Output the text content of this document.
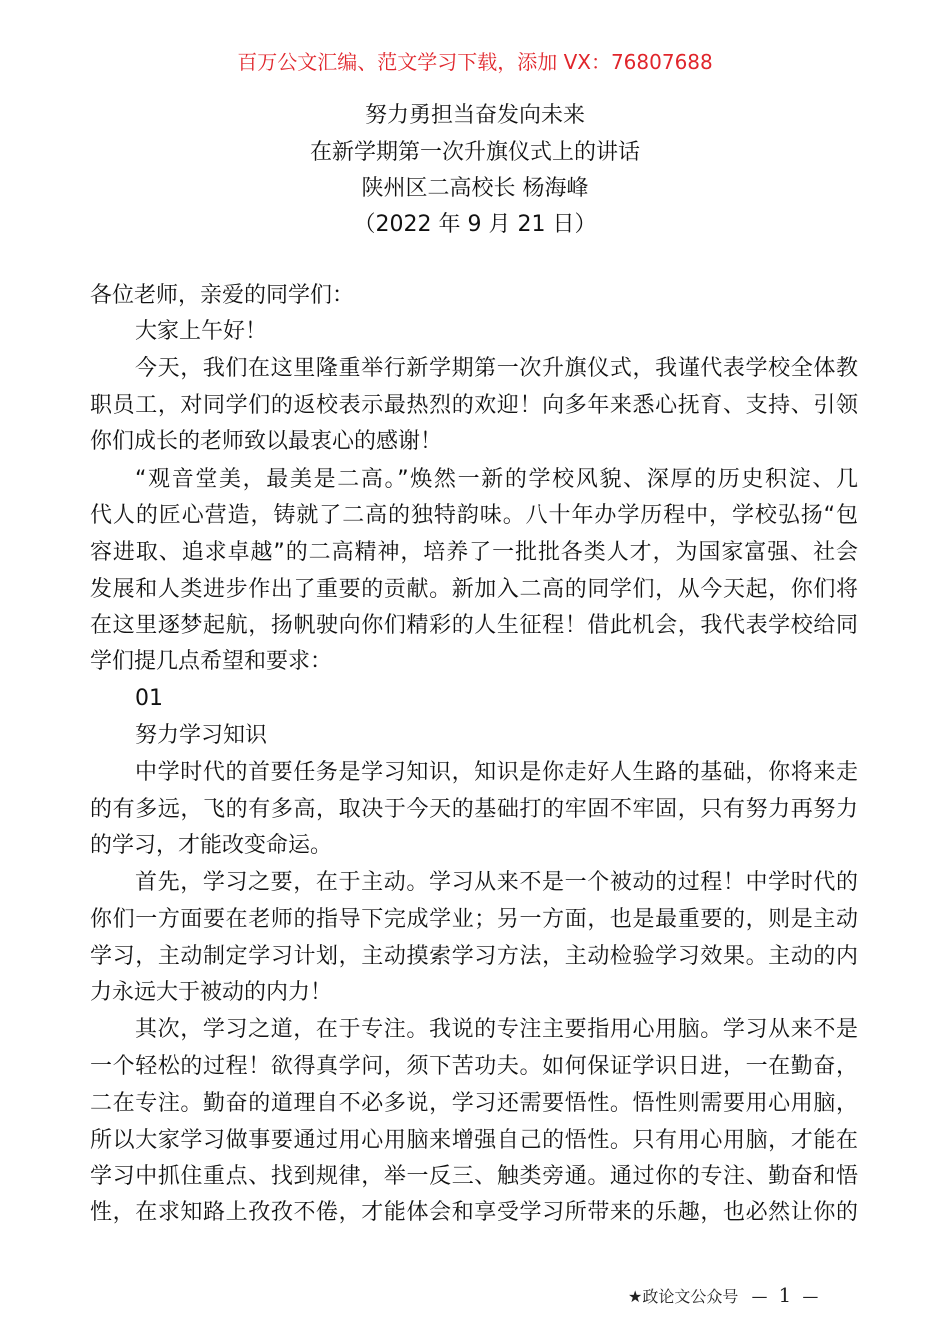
百万公文汇编、范文学习下载，添加 VX：76807688
努力勇担当奋发向未来
在新学期第一次升旗仪式上的讲话
陕州区二高校长 杨海峰
（2022 年 9 月 21 日）
各位老师，亲爱的同学们：
大家上午好！
今天，我们在这里隆重举行新学期第一次升旗仪式，我谨代表学校全体教
职员工，对同学们的返校表示最热烈的欢迎！向多年来悉心抚育、支持、引领
你们成长的老师致以最衷心的感谢！
“观音堂美，最美是二高。”焕然一新的学校风貌、深厚的历史积淀、几
代人的匠心营造，铸就了二高的独特韵味。八十年办学历程中，学校弘扬“包
容进取、追求卓越”的二高精神，培养了一批批各类人才，为国家富强、社会
发展和人类进步作出了重要的贡献。新加入二高的同学们，从今天起，你们将
在这里逐梦起航，扬帆驶向你们精彩的人生征程！借此机会，我代表学校给同
学们提几点希望和要求：
01
努力学习知识
中学时代的首要任务是学习知识，知识是你走好人生路的基础，你将来走
的有多远，飞的有多高，取决于今天的基础打的牢固不牢固，只有努力再努力
的学习，才能改变命运。
首先，学习之要，在于主动。学习从来不是一个被动的过程！中学时代的
你们一方面要在老师的指导下完成学业；另一方面，也是最重要的，则是主动
学习，主动制定学习计划，主动摸索学习方法，主动检验学习效果。主动的内
力永远大于被动的内力！
其次，学习之道，在于专注。我说的专注主要指用心用脑。学习从来不是
一个轻松的过程！欲得真学问，须下苦功夫。如何保证学识日进，一在勤奋，
二在专注。勤奋的道理自不必多说，学习还需要悟性。悟性则需要用心用脑，
所以大家学习做事要通过用心用脑来增强自己的悟性。只有用心用脑，才能在
学习中抓住重点、找到规律，举一反三、触类旁通。通过你的专注、勤奋和悟
性，在求知路上孜孜不倦，才能体会和享受学习所带来的乐趣，也必然让你的
★政论文公众号 — 1 —
